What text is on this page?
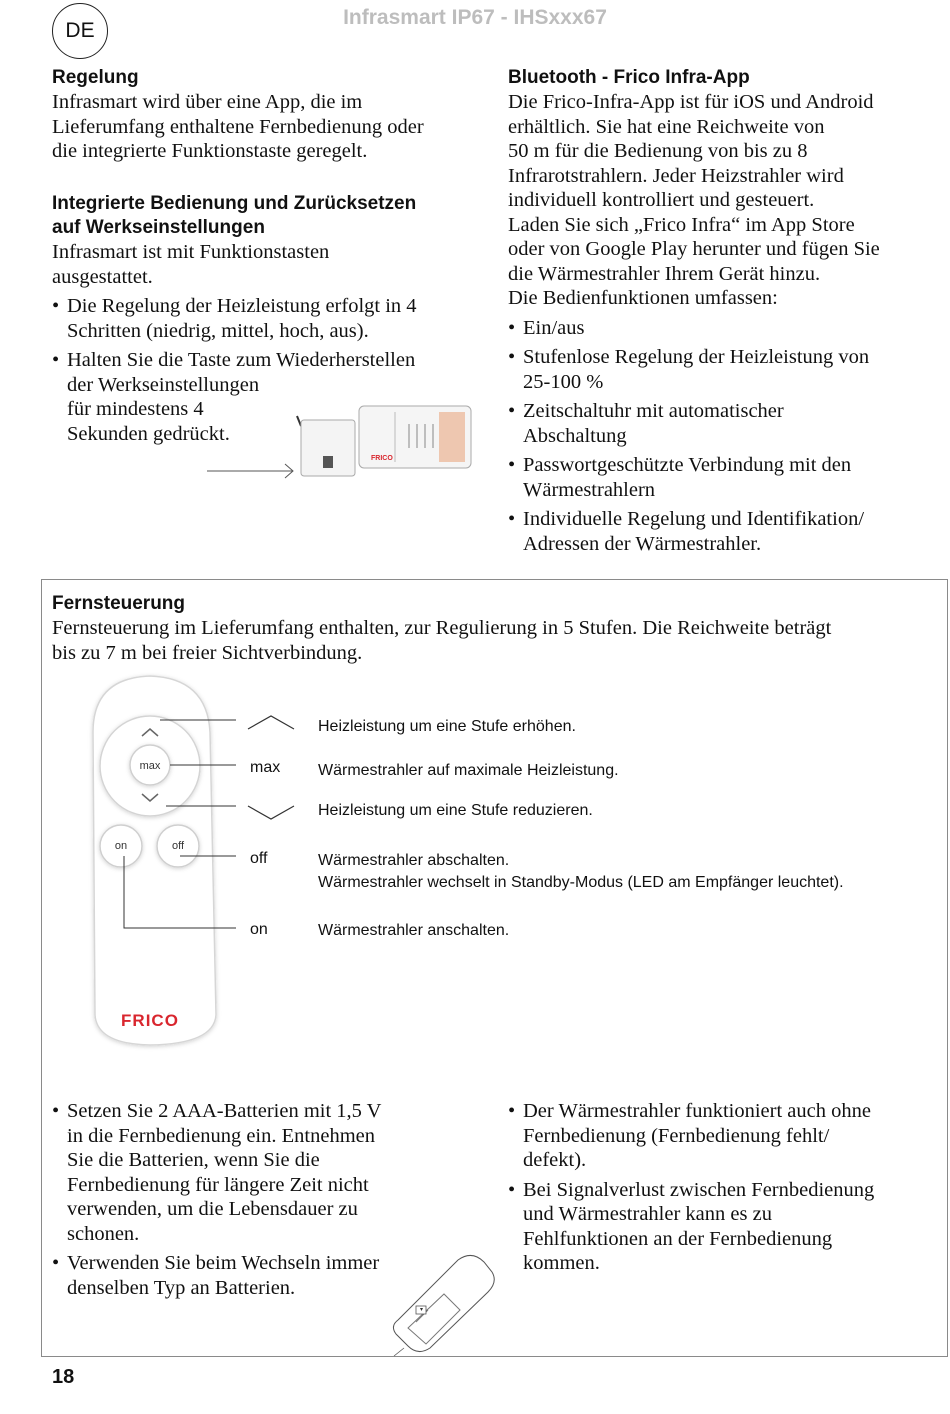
DE
Infrasmart IP67 - IHSxxx67
Regelung

Infrasmart wird über eine App, die im

Lieferumfang enthaltene Fernbedienung oder

die integrierte Funktionstaste geregelt.

Integrierte Bedienung und Zurücksetzen
auf Werkseinstellungen

Infrasmart ist mit Funktionstasten

ausgestattet.

• Die Regelung der Heizleistung erfolgt in 4
Schritten (niedrig, mittel, hoch, aus).
• Halten Sie die Taste zum Wiederherstellen
der Werkseinstellungen
für mindestens 4
Sekunden gedrückt.
FRICO
Bluetooth - Frico Infra-App

Die Frico-Infra-App ist für iOS und Android

erhältlich. Sie hat eine Reichweite von

50 m für die Bedienung von bis zu 8

Infrarotstrahlern. Jeder Heizstrahler wird

individuell kontrolliert und gesteuert.

Laden Sie sich „Frico Infra“ im App Store

oder von Google Play herunter und fügen Sie

die Wärmestrahler Ihrem Gerät hinzu.

Die Bedienfunktionen umfassen:

• Ein/aus
• Stufenlose Regelung der Heizleistung von
25-100 %
• Zeitschaltuhr mit automatischer
Abschaltung
• Passwortgeschützte Verbindung mit den
Wärmestrahlern
• Individuelle Regelung und Identifikation/
Adressen der Wärmestrahler.
Fernsteuerung

Fernsteuerung im Lieferumfang enthalten, zur Regulierung in 5 Stufen. Die Reichweite beträgt

bis zu 7 m bei freier Sichtverbindung.

max
on	off
FRICO
max
off
on
Heizleistung um eine Stufe erhöhen.
Wärmestrahler auf maximale Heizleistung.
Heizleistung um eine Stufe reduzieren.
Wärmestrahler abschalten.
Wärmestrahler wechselt in Standby-Modus (LED am Empfänger leuchtet).
Wärmestrahler anschalten.
• Setzen Sie 2 AAA-Batterien mit 1,5 V
in die Fernbedienung ein. Entnehmen
Sie die Batterien, wenn Sie die
Fernbedienung für längere Zeit nicht
verwenden, um die Lebensdauer zu
schonen.
• Verwenden Sie beim Wechseln immer
denselben Typ an Batterien.
• Der Wärmestrahler funktioniert auch ohne
Fernbedienung (Fernbedienung fehlt/
defekt).
• Bei Signalverlust zwischen Fernbedienung
und Wärmestrahler kann es zu
Fehlfunktionen an der Fernbedienung
kommen.
18
